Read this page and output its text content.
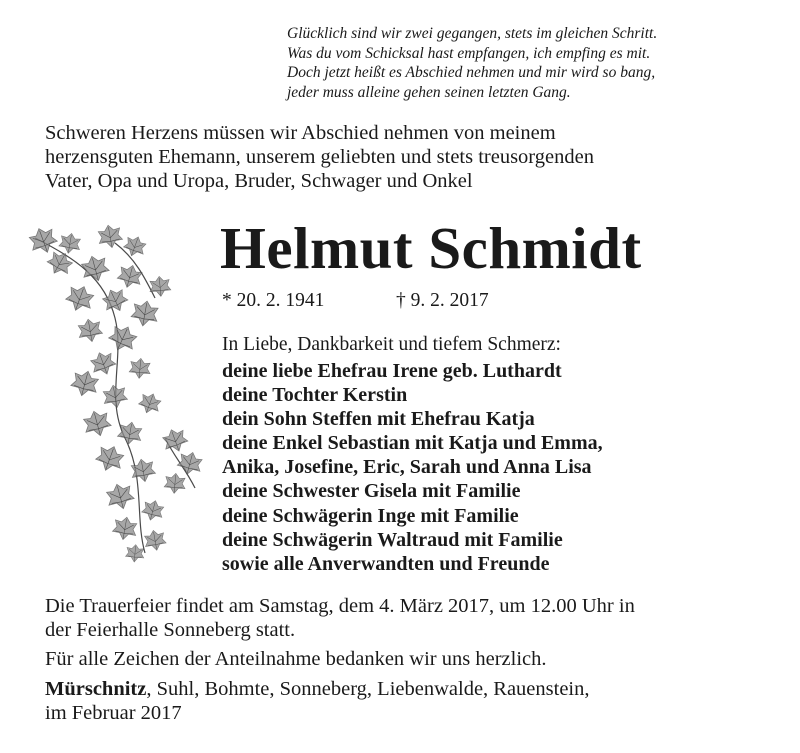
Glücklich sind wir zwei gegangen, stets im gleichen Schritt.
Was du vom Schicksal hast empfangen, ich empfing es mit.
Doch jetzt heißt es Abschied nehmen und mir wird so bang,
jeder muss alleine gehen seinen letzten Gang.
Schweren Herzens müssen wir Abschied nehmen von meinem
herzensguten Ehemann, unserem geliebten und stets treusorgenden
Vater, Opa und Uropa, Bruder, Schwager und Onkel
Helmut Schmidt
* 20. 2. 1941	† 9. 2. 2017
In Liebe, Dankbarkeit und tiefem Schmerz:
deine liebe Ehefrau Irene geb. Luthardt
deine Tochter Kerstin
dein Sohn Steffen mit Ehefrau Katja
deine Enkel Sebastian mit Katja und Emma,
Anika, Josefine, Eric, Sarah und Anna Lisa
deine Schwester Gisela mit Familie
deine Schwägerin Inge mit Familie
deine Schwägerin Waltraud mit Familie
sowie alle Anverwandten und Freunde
Die Trauerfeier findet am Samstag, dem 4. März 2017, um 12.00 Uhr in
der Feierhalle Sonneberg statt.
Für alle Zeichen der Anteilnahme bedanken wir uns herzlich.
Mürschnitz, Suhl, Bohmte, Sonneberg, Liebenwalde, Rauenstein,
im Februar 2017
